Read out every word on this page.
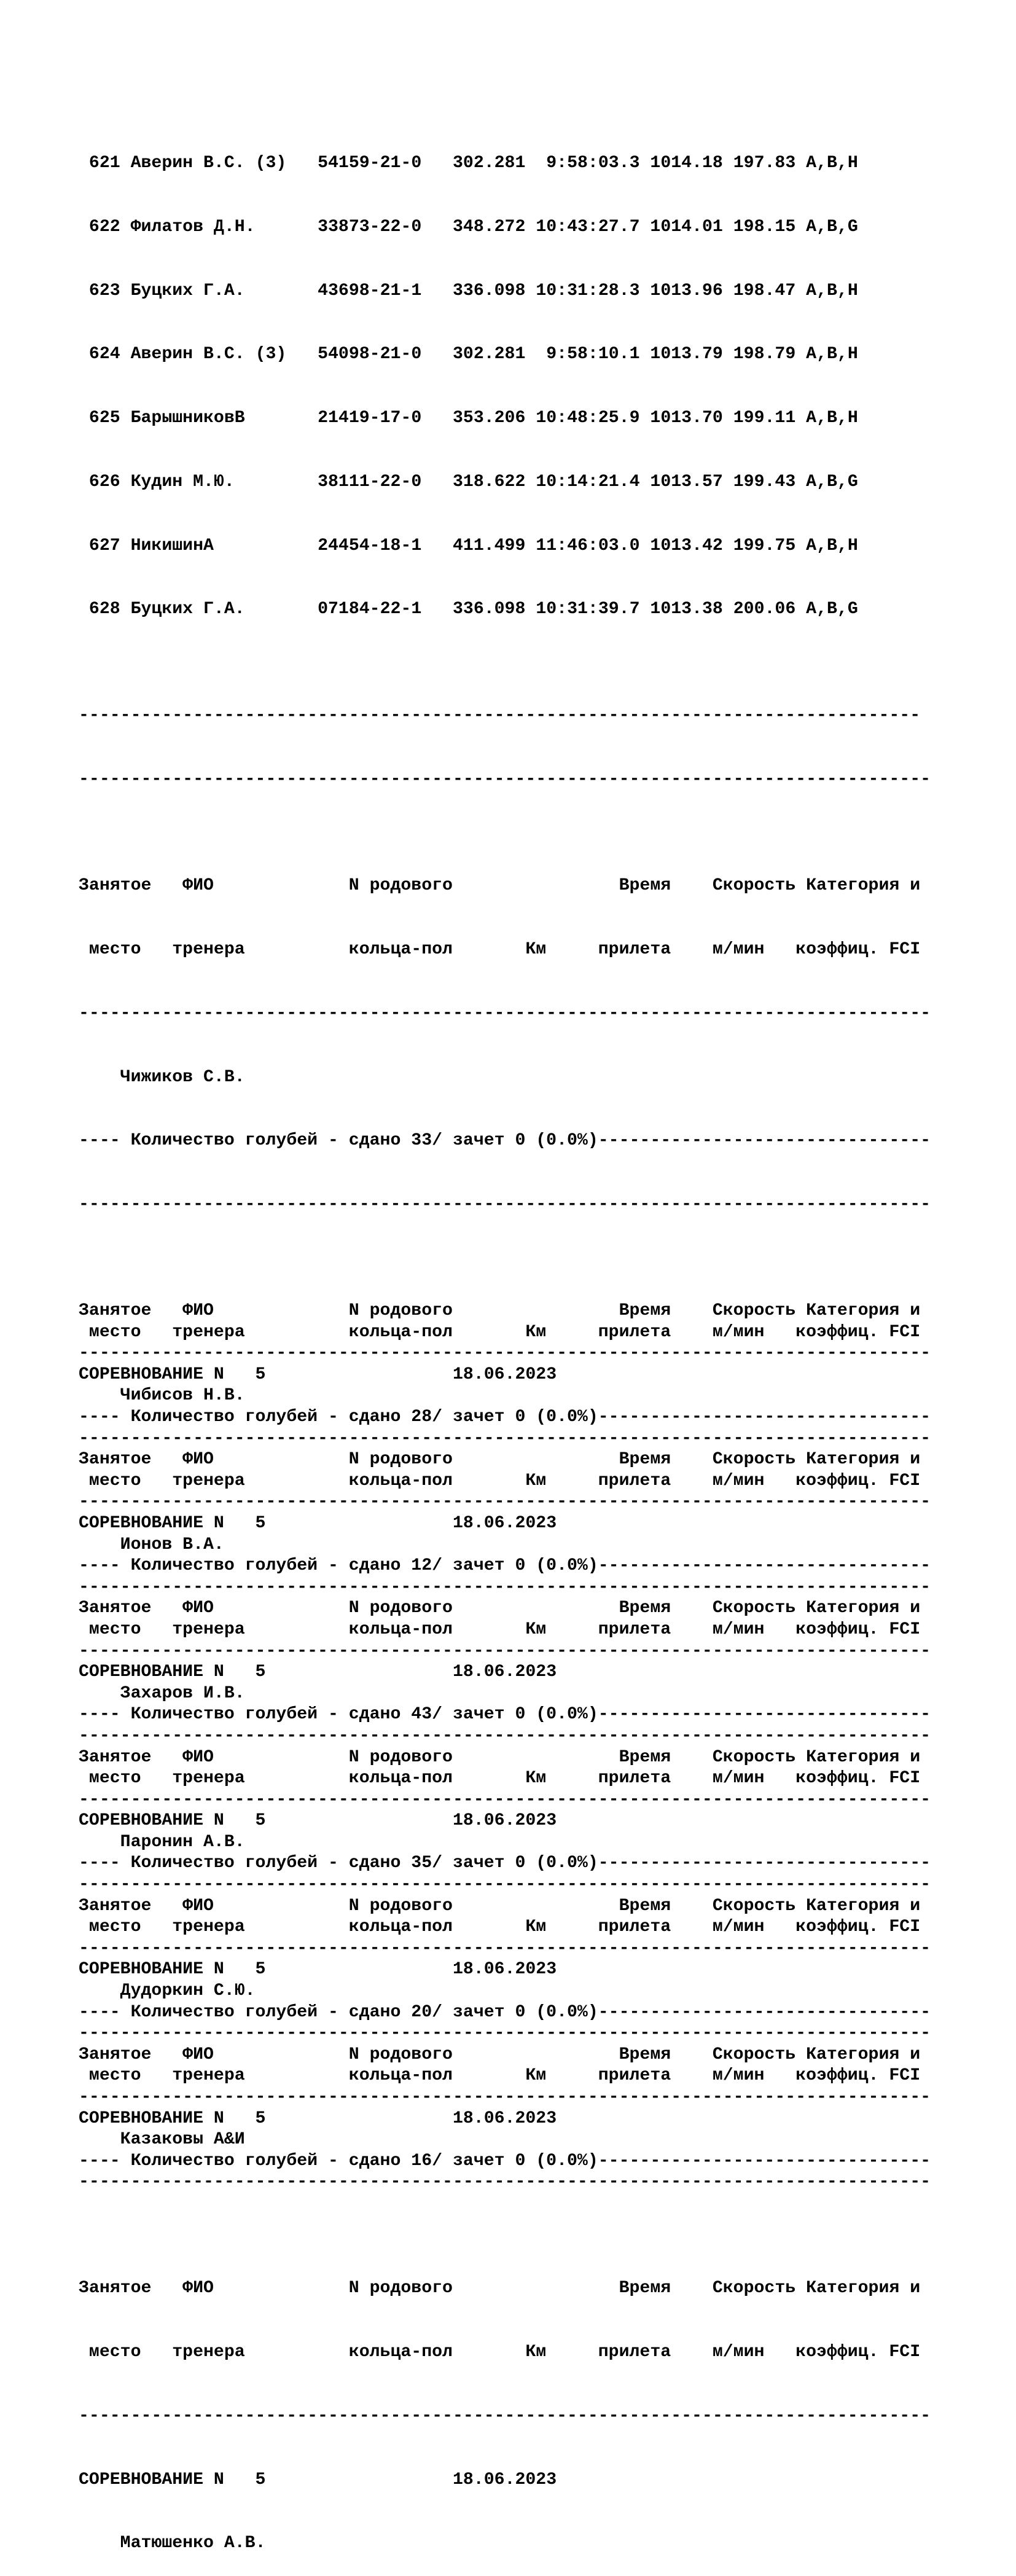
621 Аверин В.С. (3)   54159-21-0 302.281  9:58:03.3 1014.18 197.83 A,B,H

622 Филатов Д.Н.      33873-22-0 348.272 10:43:27.7 1014.01 198.15 A,B,G

623 Буцких Г.А.       43698-21-1 336.098 10:31:28.3 1013.96 198.47 A,B,H

624 Аверин В.С. (3)   54098-21-0 302.281  9:58:10.1 1013.79 198.79 A,B,H

625 БарышниковВ       21419-17-0 353.206 10:48:25.9 1013.70 199.11 A,B,H

626 Кудин М.Ю.        38111-22-0 318.622 10:14:21.4 1013.57 199.43 A,B,G

627 НикишинА          24454-18-1 411.499 11:46:03.0 1013.42 199.75 A,B,H

628 Буцких Г.А.       07184-22-1 336.098 10:31:39.7 1013.38 200.06 A,B,G

---------------------------------------------------------------------------------

----------------------------------------------------------------------------------

Занятое   ФИО             N родового                Время    Скорость Категория и

место   тренера          кольца-пол       Км     прилета    м/мин   коэффиц. FCI

----------------------------------------------------------------------------------

Чижиков С.В.

---- Количество голубей - сдано 33/ зачет 0 (0.0%)--------------------------------

----------------------------------------------------------------------------------

Занятое   ФИО             N родового                Время    Скорость Категория и
место   тренера          кольца-пол       Км     прилета    м/мин   коэффиц. FCI
----------------------------------------------------------------------------------
СОРЕВНОВАНИЕ N   5	18.06.2023
Чибисов Н.В.
---- Количество голубей - сдано 28/ зачет 0 (0.0%)--------------------------------
----------------------------------------------------------------------------------
Занятое   ФИО             N родового                Время    Скорость Категория и
место   тренера          кольца-пол       Км     прилета    м/мин   коэффиц. FCI
----------------------------------------------------------------------------------
СОРЕВНОВАНИЕ N   5	18.06.2023
Ионов В.А.
---- Количество голубей - сдано 12/ зачет 0 (0.0%)--------------------------------
----------------------------------------------------------------------------------
Занятое   ФИО             N родового                Время    Скорость Категория и
место   тренера          кольца-пол       Км     прилета    м/мин   коэффиц. FCI
----------------------------------------------------------------------------------
СОРЕВНОВАНИЕ N   5	18.06.2023
Захаров И.В.
---- Количество голубей - сдано 43/ зачет 0 (0.0%)--------------------------------
----------------------------------------------------------------------------------
Занятое   ФИО             N родового                Время    Скорость Категория и
место   тренера          кольца-пол       Км     прилета    м/мин   коэффиц. FCI
----------------------------------------------------------------------------------
СОРЕВНОВАНИЕ N   5	18.06.2023
Паронин А.В.
---- Количество голубей - сдано 35/ зачет 0 (0.0%)--------------------------------
----------------------------------------------------------------------------------
Занятое   ФИО             N родового                Время    Скорость Категория и
место   тренера          кольца-пол       Км     прилета    м/мин   коэффиц. FCI
----------------------------------------------------------------------------------
СОРЕВНОВАНИЕ N   5	18.06.2023
Дудоркин С.Ю.
---- Количество голубей - сдано 20/ зачет 0 (0.0%)--------------------------------
----------------------------------------------------------------------------------
Занятое   ФИО             N родового                Время    Скорость Категория и
место   тренера          кольца-пол       Км     прилета    м/мин   коэффиц. FCI
----------------------------------------------------------------------------------
СОРЕВНОВАНИЕ N   5	18.06.2023
Казаковы А&И
---- Количество голубей - сдано 16/ зачет 0 (0.0%)--------------------------------
----------------------------------------------------------------------------------

Занятое   ФИО             N родового                Время    Скорость Категория и

место   тренера          кольца-пол       Км     прилета    м/мин   коэффиц. FCI

----------------------------------------------------------------------------------

СОРЕВНОВАНИЕ N   5	18.06.2023

Матюшенко А.В.
